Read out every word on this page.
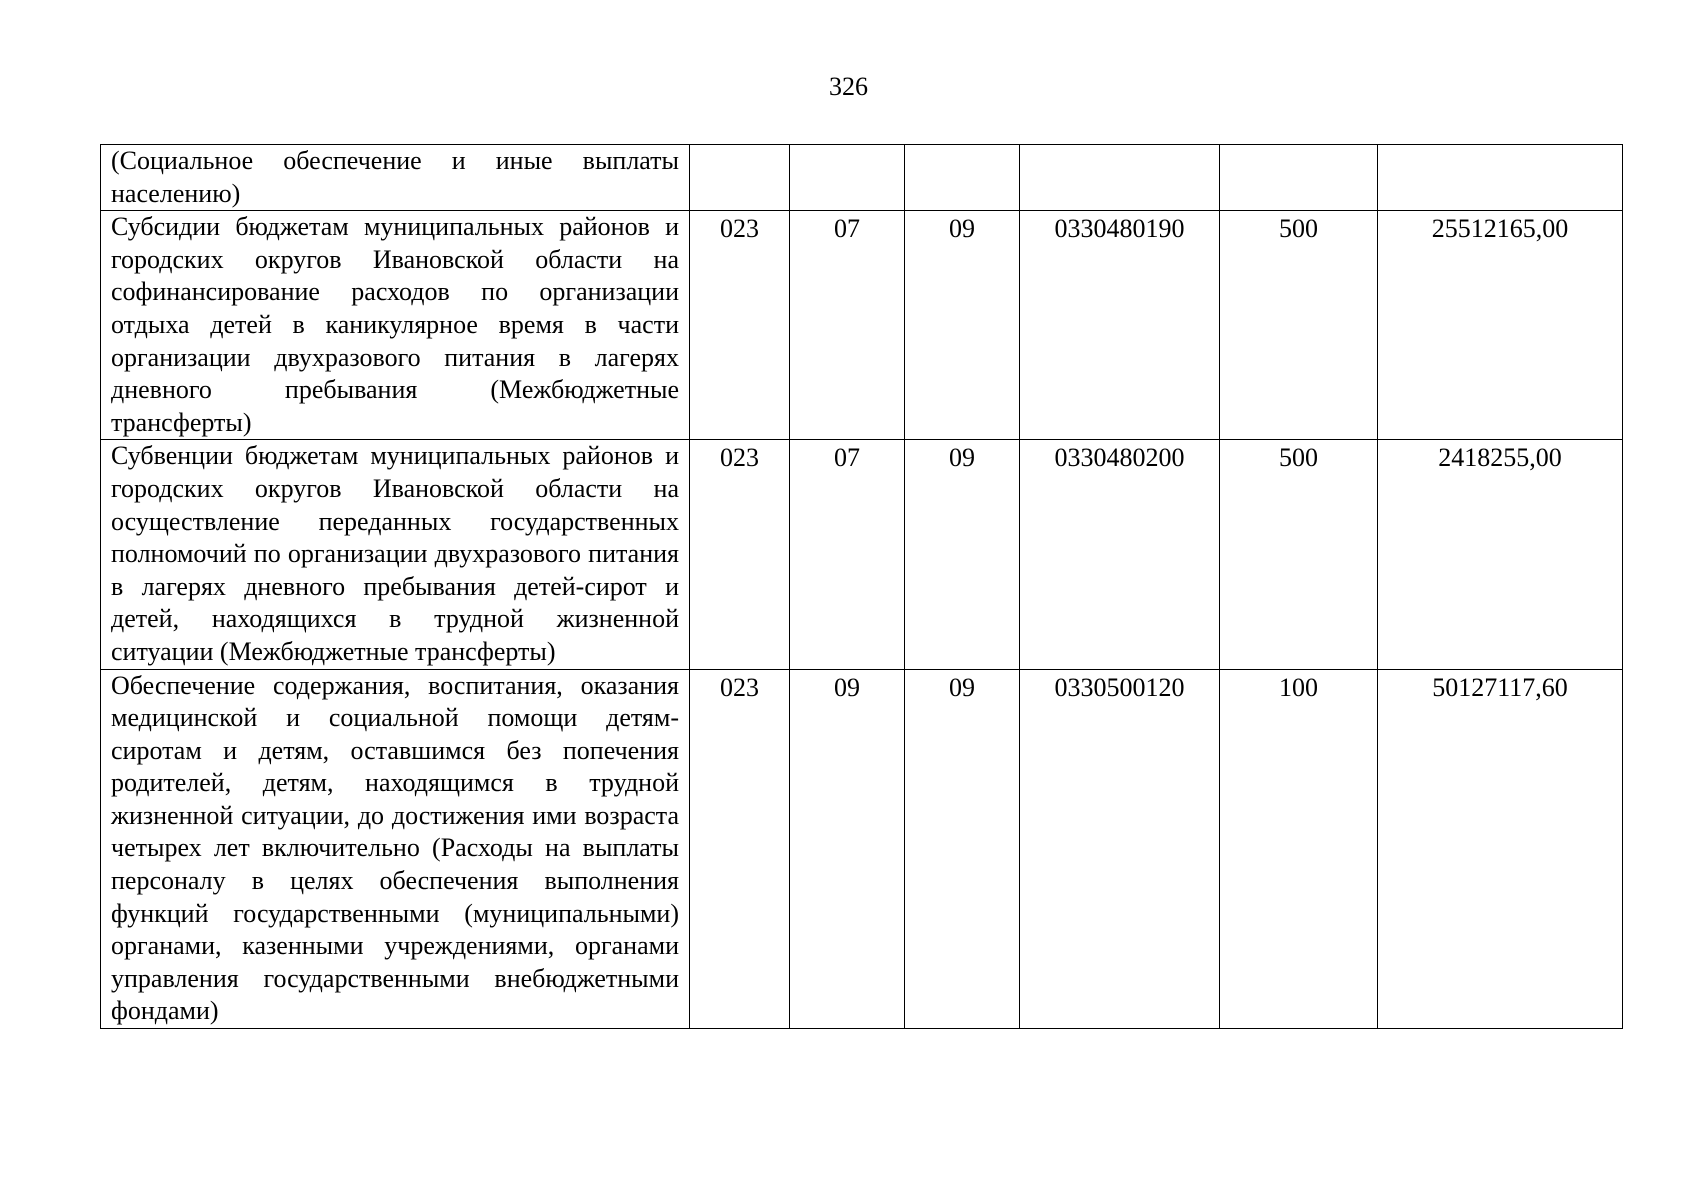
326
(Социальное обеспечение и иные выплаты населению)						
Субсидии бюджетам муниципальных районов и городских округов Ивановской области на софинансирование расходов по организации отдыха детей в каникулярное время в части организации двухразового питания в лагерях дневного пребывания (Межбюджетные трансферты)	023	07	09	0330480190	500	25512165,00
Субвенции бюджетам муниципальных районов и городских округов Ивановской области на осуществление переданных государственных полномочий по организации двухразового питания в лагерях дневного пребывания детей-сирот и детей, находящихся в трудной жизненной ситуации (Межбюджетные трансферты)	023	07	09	0330480200	500	2418255,00
Обеспечение содержания, воспитания, оказания медицинской и социальной помощи детям-сиротам и детям, оставшимся без попечения родителей, детям, находящимся в трудной жизненной ситуации, до достижения ими возраста четырех лет включительно (Расходы на выплаты персоналу в целях обеспечения выполнения функций государственными (муниципальными) органами, казенными учреждениями, органами управления государственными внебюджетными фондами)	023	09	09	0330500120	100	50127117,60
